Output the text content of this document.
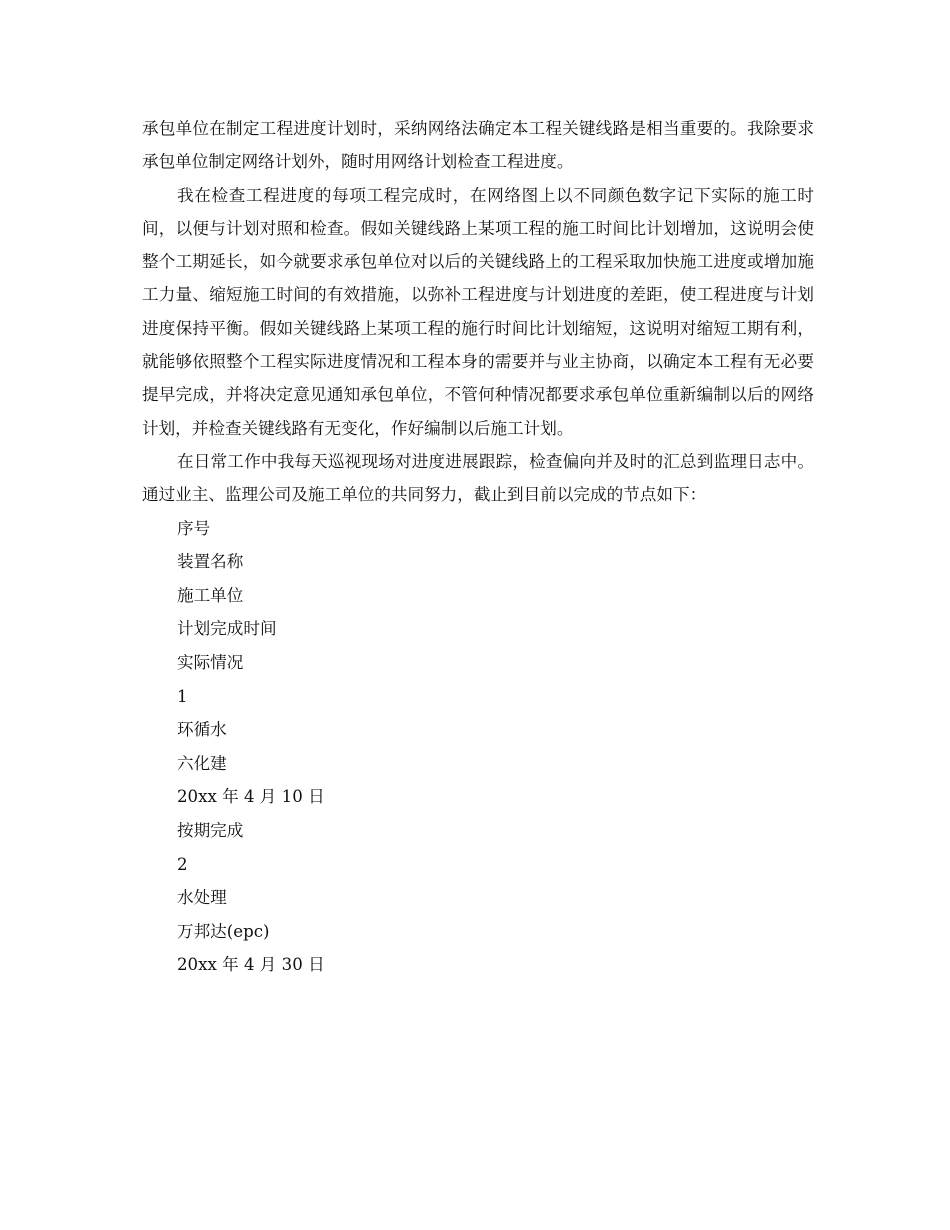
承包单位在制定工程进度计划时，采纳网络法确定本工程关键线路是相当重要的。我除要求承包单位制定网络计划外，随时用网络计划检查工程进度。

我在检查工程进度的每项工程完成时，在网络图上以不同颜色数字记下实际的施工时间，以便与计划对照和检查。假如关键线路上某项工程的施工时间比计划增加，这说明会使整个工期延长，如今就要求承包单位对以后的关键线路上的工程采取加快施工进度或增加施工力量、缩短施工时间的有效措施，以弥补工程进度与计划进度的差距，使工程进度与计划进度保持平衡。假如关键线路上某项工程的施行时间比计划缩短，这说明对缩短工期有利，就能够依照整个工程实际进度情况和工程本身的需要并与业主协商，以确定本工程有无必要提早完成，并将决定意见通知承包单位，不管何种情况都要求承包单位重新编制以后的网络计划，并检查关键线路有无变化，作好编制以后施工计划。

在日常工作中我每天巡视现场对进度进展跟踪，检查偏向并及时的汇总到监理日志中。通过业主、监理公司及施工单位的共同努力，截止到目前以完成的节点如下：

序号
装置名称
施工单位
计划完成时间
实际情况
1
环循水
六化建
20xx 年 4 月 10 日
按期完成
2
水处理
万邦达(epc)
20xx 年 4 月 30 日
